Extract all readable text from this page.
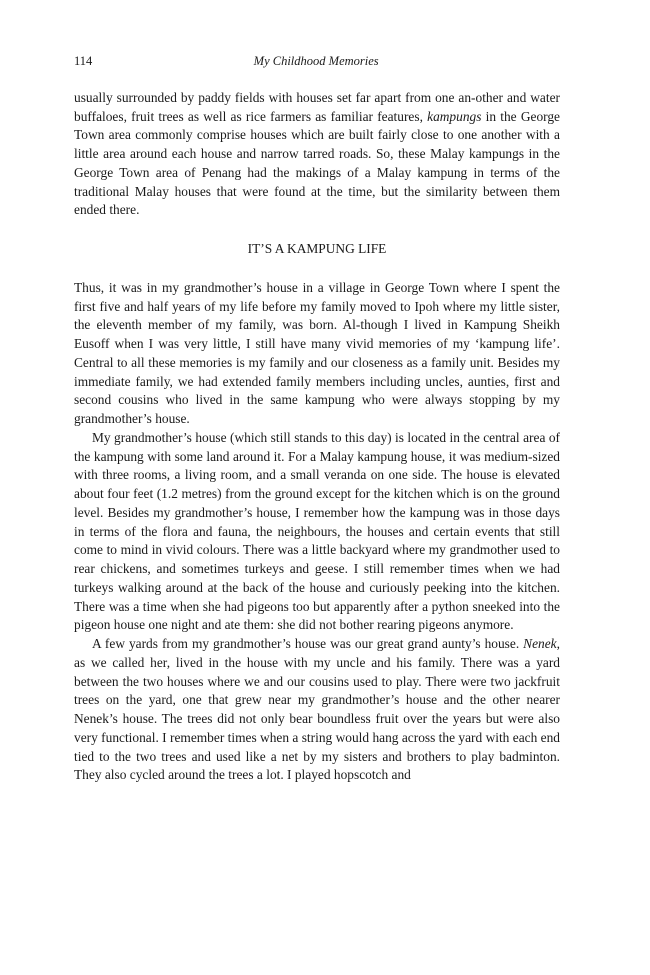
114	My Childhood Memories

usually surrounded by paddy fields with houses set far apart from one an-other and water buffaloes, fruit trees as well as rice farmers as familiar features, kampungs in the George Town area commonly comprise houses which are built fairly close to one another with a little area around each house and narrow tarred roads. So, these Malay kampungs in the George Town area of Penang had the makings of a Malay kampung in terms of the traditional Malay houses that were found at the time, but the similarity between them ended there.

IT’S A KAMPUNG LIFE

Thus, it was in my grandmother’s house in a village in George Town where I spent the first five and half years of my life before my family moved to Ipoh where my little sister, the eleventh member of my family, was born. Al-though I lived in Kampung Sheikh Eusoff when I was very little, I still have many vivid memories of my ‘kampung life’. Central to all these memories is my family and our closeness as a family unit. Besides my immediate family, we had extended family members including uncles, aunties, first and second cousins who lived in the same kampung who were always stopping by my grandmother’s house.

My grandmother’s house (which still stands to this day) is located in the central area of the kampung with some land around it. For a Malay kampung house, it was medium-sized with three rooms, a living room, and a small veranda on one side. The house is elevated about four feet (1.2 metres) from the ground except for the kitchen which is on the ground level. Besides my grandmother’s house, I remember how the kampung was in those days in terms of the flora and fauna, the neighbours, the houses and certain events that still come to mind in vivid colours. There was a little backyard where my grandmother used to rear chickens, and sometimes turkeys and geese. I still remember times when we had turkeys walking around at the back of the house and curiously peeking into the kitchen. There was a time when she had pigeons too but apparently after a python sneeked into the pigeon house one night and ate them: she did not bother rearing pigeons anymore.

A few yards from my grandmother’s house was our great grand aunty’s house. Nenek, as we called her, lived in the house with my uncle and his family. There was a yard between the two houses where we and our cousins used to play. There were two jackfruit trees on the yard, one that grew near my grandmother’s house and the other nearer Nenek’s house. The trees did not only bear boundless fruit over the years but were also very functional. I remember times when a string would hang across the yard with each end tied to the two trees and used like a net by my sisters and brothers to play badminton. They also cycled around the trees a lot. I played hopscotch and
